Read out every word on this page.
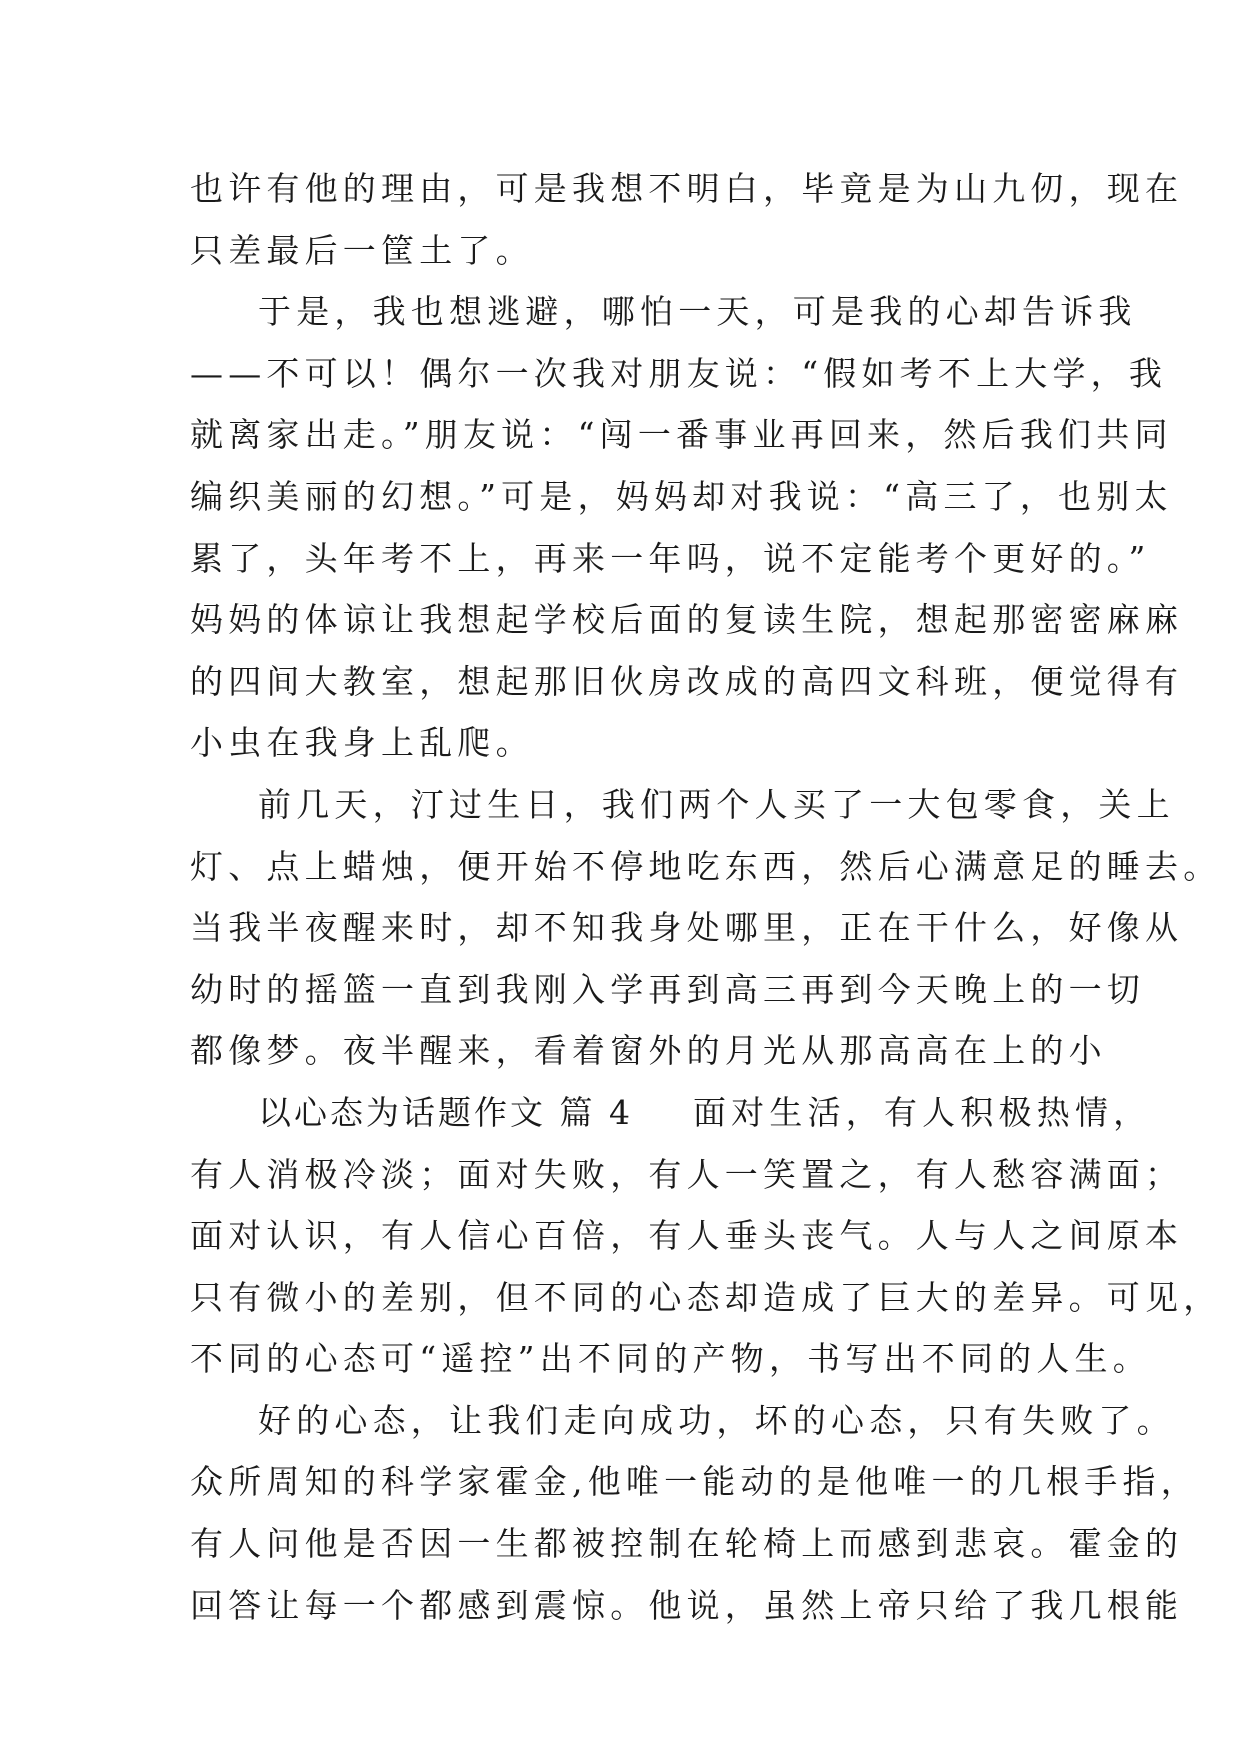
也许有他的理由，可是我想不明白，毕竟是为山九仞，现在
只差最后一筐土了。
于是，我也想逃避，哪怕一天，可是我的心却告诉我
——不可以！偶尔一次我对朋友说：“假如考不上大学，我
就离家出走。”朋友说：“闯一番事业再回来，然后我们共同
编织美丽的幻想。”可是，妈妈却对我说：“高三了，也别太
累了，头年考不上，再来一年吗，说不定能考个更好的。”
妈妈的体谅让我想起学校后面的复读生院，想起那密密麻麻
的四间大教室，想起那旧伙房改成的高四文科班，便觉得有
小虫在我身上乱爬。
前几天，汀过生日，我们两个人买了一大包零食，关上
灯、点上蜡烛，便开始不停地吃东西，然后心满意足的睡去。
当我半夜醒来时，却不知我身处哪里，正在干什么，好像从
幼时的摇篮一直到我刚入学再到高三再到今天晚上的一切
都像梦。夜半醒来，看着窗外的月光从那高高在上的小
以心态为话题作文 篇 4 面对生活，有人积极热情，
有人消极冷淡；面对失败，有人一笑置之，有人愁容满面；
面对认识，有人信心百倍，有人垂头丧气。人与人之间原本
只有微小的差别，但不同的心态却造成了巨大的差异。可见，
不同的心态可“遥控”出不同的产物，书写出不同的人生。
好的心态，让我们走向成功，坏的心态，只有失败了。
众所周知的科学家霍金,他唯一能动的是他唯一的几根手指，
有人问他是否因一生都被控制在轮椅上而感到悲哀。霍金的
回答让每一个都感到震惊。他说，虽然上帝只给了我几根能
